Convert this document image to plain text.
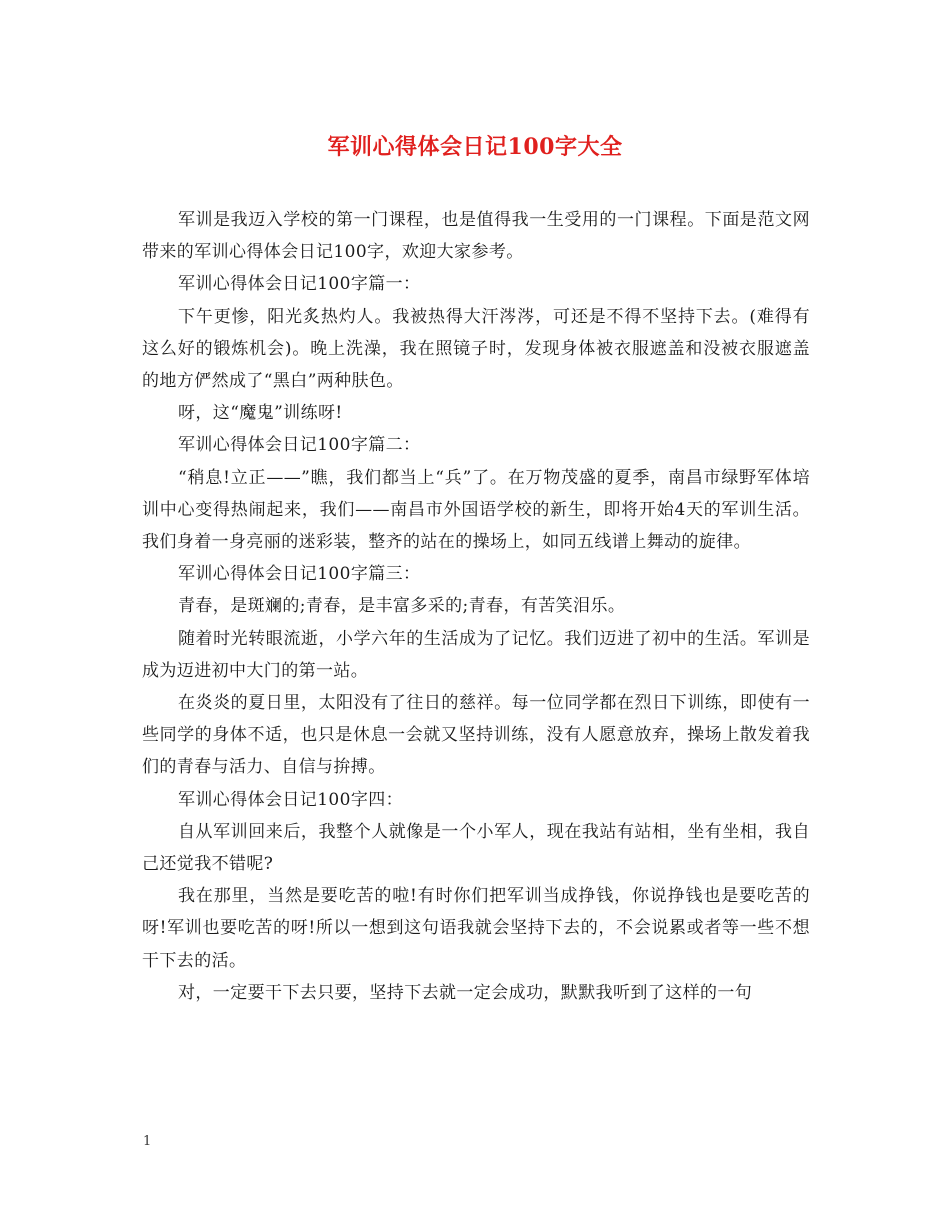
军训心得体会日记100字大全

军训是我迈入学校的第一门课程，也是值得我一生受用的一门课程。下面是范文网带来的军训心得体会日记100字，欢迎大家参考。

军训心得体会日记100字篇一：

下午更惨，阳光炙热灼人。我被热得大汗涔涔，可还是不得不坚持下去。(难得有这么好的锻炼机会)。晚上洗澡，我在照镜子时，发现身体被衣服遮盖和没被衣服遮盖的地方俨然成了“黑白”两种肤色。

呀，这“魔鬼”训练呀!

军训心得体会日记100字篇二：

“稍息!立正——”瞧，我们都当上“兵”了。在万物茂盛的夏季，南昌市绿野军体培训中心变得热闹起来，我们——南昌市外国语学校的新生，即将开始4天的军训生活。我们身着一身亮丽的迷彩装，整齐的站在的操场上，如同五线谱上舞动的旋律。

军训心得体会日记100字篇三：

青春，是斑斓的;青春，是丰富多采的;青春，有苦笑泪乐。

随着时光转眼流逝，小学六年的生活成为了记忆。我们迈进了初中的生活。军训是成为迈进初中大门的第一站。

在炎炎的夏日里，太阳没有了往日的慈祥。每一位同学都在烈日下训练，即使有一些同学的身体不适，也只是休息一会就又坚持训练，没有人愿意放弃，操场上散发着我们的青春与活力、自信与拚搏。

军训心得体会日记100字四：

自从军训回来后，我整个人就像是一个小军人，现在我站有站相，坐有坐相，我自己还觉我不错呢?

我在那里，当然是要吃苦的啦!有时你们把军训当成挣钱，你说挣钱也是要吃苦的呀!军训也要吃苦的呀!所以一想到这句语我就会坚持下去的，不会说累或者等一些不想干下去的活。

对，一定要干下去只要，坚持下去就一定会成功，默默我听到了这样的一句

1
